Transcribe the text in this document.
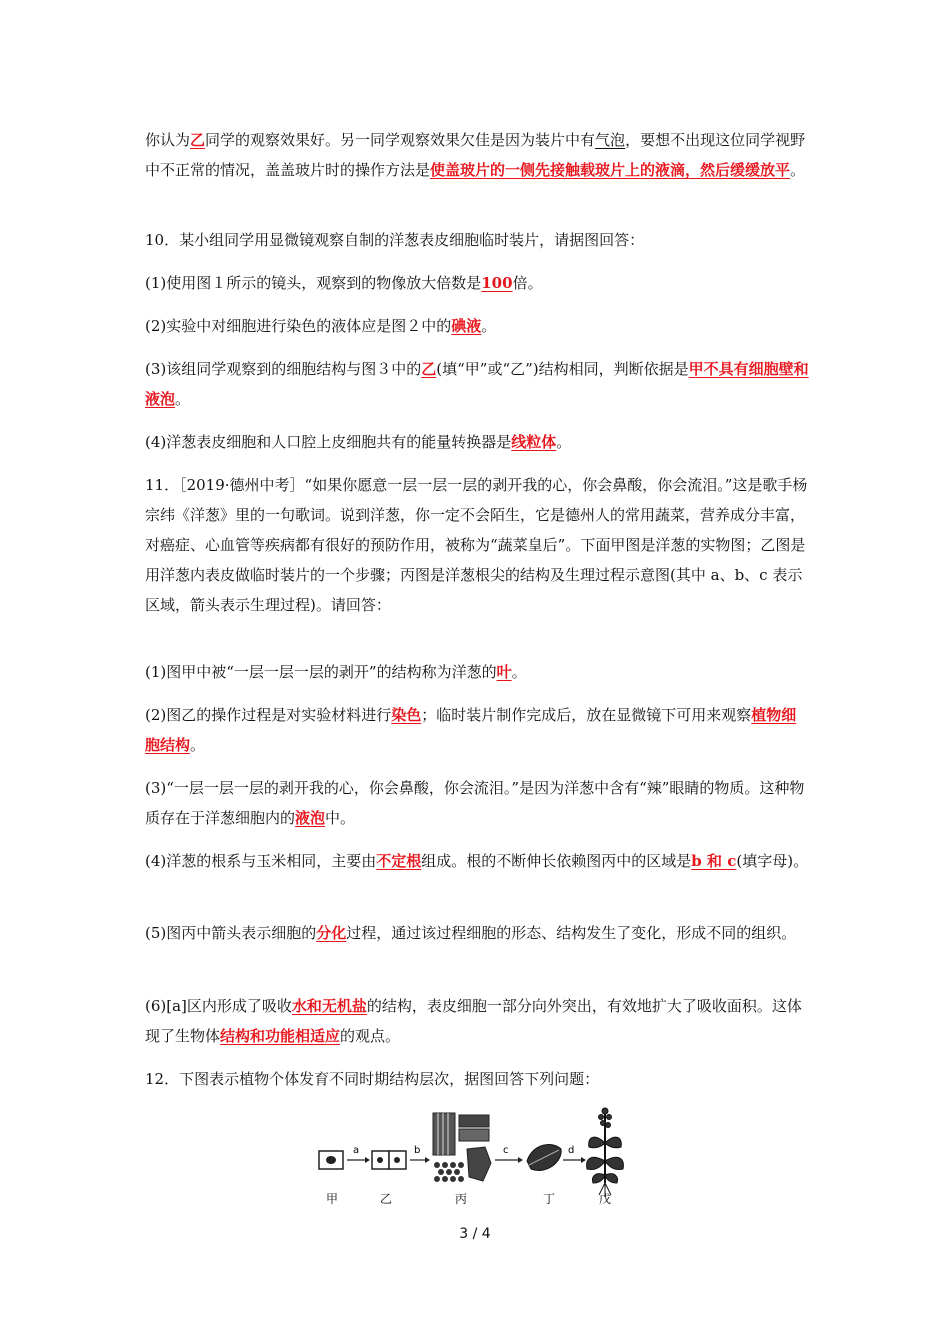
你认为乙同学的观察效果好。另一同学观察效果欠佳是因为装片中有气泡，要想不出现这位同学视野中不正常的情况，盖盖玻片时的操作方法是使盖玻片的一侧先接触载玻片上的液滴，然后缓缓放平。

10．某小组同学用显微镜观察自制的洋葱表皮细胞临时装片，请据图回答：

(1)使用图１所示的镜头，观察到的物像放大倍数是100倍。

(2)实验中对细胞进行染色的液体应是图２中的碘液。

(3)该组同学观察到的细胞结构与图３中的乙(填“甲”或“乙”)结构相同，判断依据是甲不具有细胞壁和液泡。

(4)洋葱表皮细胞和人口腔上皮细胞共有的能量转换器是线粒体。

11．［2019·德州中考］“如果你愿意一层一层一层的剥开我的心，你会鼻酸，你会流泪。”这是歌手杨宗纬《洋葱》里的一句歌词。说到洋葱，你一定不会陌生，它是德州人的常用蔬菜，营养成分丰富，对癌症、心血管等疾病都有很好的预防作用，被称为“蔬菜皇后”。下面甲图是洋葱的实物图；乙图是用洋葱内表皮做临时装片的一个步骤；丙图是洋葱根尖的结构及生理过程示意图(其中 a、b、c 表示区域，箭头表示生理过程)。请回答：

(1)图甲中被“一层一层一层的剥开”的结构称为洋葱的叶。

(2)图乙的操作过程是对实验材料进行染色；临时装片制作完成后，放在显微镜下可用来观察植物细胞结构。

(3)“一层一层一层的剥开我的心，你会鼻酸，你会流泪。”是因为洋葱中含有“辣”眼睛的物质。这种物质存在于洋葱细胞内的液泡中。

(4)洋葱的根系与玉米相同，主要由不定根组成。根的不断伸长依赖图丙中的区域是b 和 c(填字母)。

(5)图丙中箭头表示细胞的分化过程，通过该过程细胞的形态、结构发生了变化，形成不同的组织。

(6)[a]区内形成了吸收水和无机盐的结构，表皮细胞一部分向外突出，有效地扩大了吸收面积。这体现了生物体结构和功能相适应的观点。

12．下图表示植物个体发育不同时期结构层次，据图回答下列问题：

a	b	c	d
甲	乙	丙	丁	戊
3 / 4
